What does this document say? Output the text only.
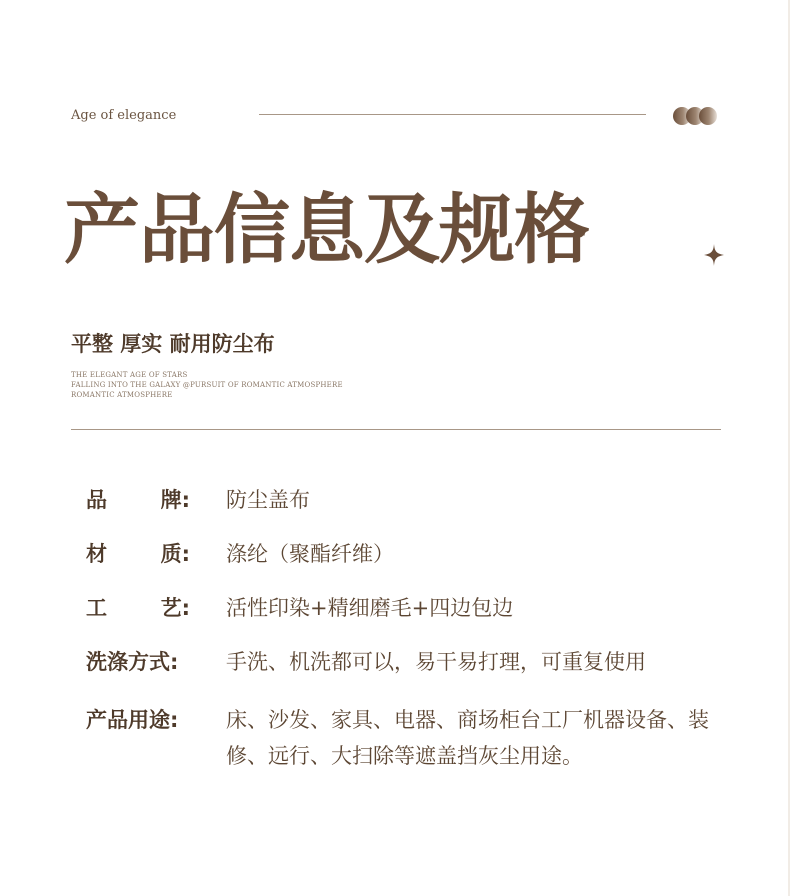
Age of elegance
产品信息及规格
平整 厚实 耐用防尘布
THE ELEGANT AGE OF STARS
FALLING INTO THE GALAXY @PURSUIT OF ROMANTIC ATMOSPHERE
ROMANTIC ATMOSPHERE
品	牌: 防尘盖布
材	质: 涤纶（聚酯纤维）
工	艺: 活性印染+精细磨毛+四边包边
洗涤方式:	手洗、机洗都可以，易干易打理，可重复使用
产品用途:	床、沙发、家具、电器、商场柜台工厂机器设备、装修、远行、大扫除等遮盖挡灰尘用途。
